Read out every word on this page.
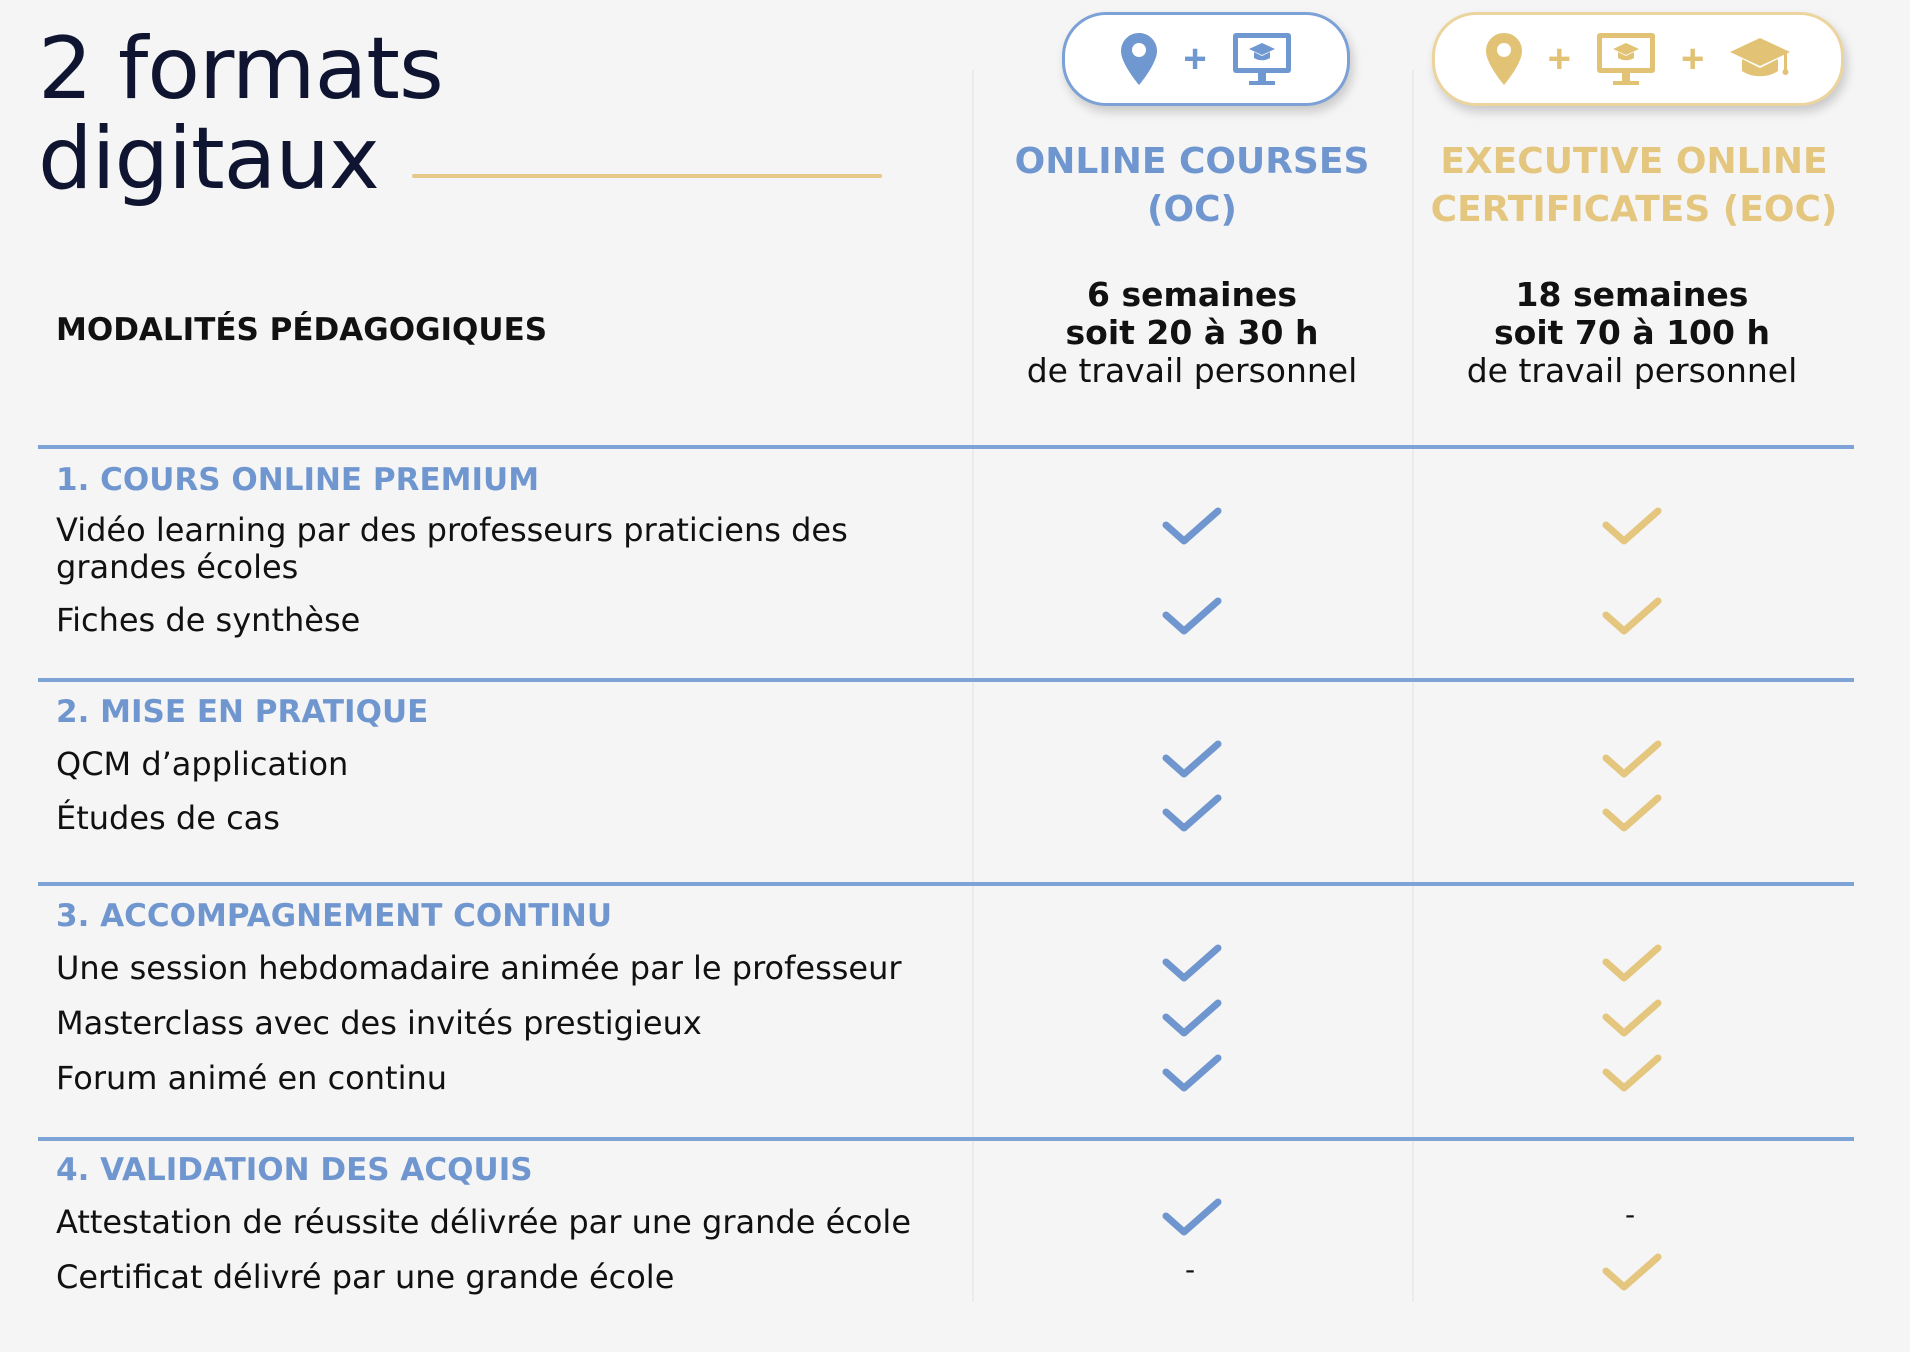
2 formats
digitaux
+	+	+
ONLINE COURSES
(OC)
EXECUTIVE ONLINE
CERTIFICATES (EOC)
MODALITÉS PÉDAGOGIQUES
6 semaines
soit 20 à 30 h
de travail personnel
18 semaines
soit 70 à 100 h
de travail personnel
1. COURS ONLINE PREMIUM
Vidéo learning par des professeurs praticiens des
grandes écoles
Fiches de synthèse
2. MISE EN PRATIQUE
QCM d’application
Études de cas
3. ACCOMPAGNEMENT CONTINU
Une session hebdomadaire animée par le professeur
Masterclass avec des invités prestigieux
Forum animé en continu
4. VALIDATION DES ACQUIS
Attestation de réussite délivrée par une grande école
Certificat délivré par une grande école
-
-
